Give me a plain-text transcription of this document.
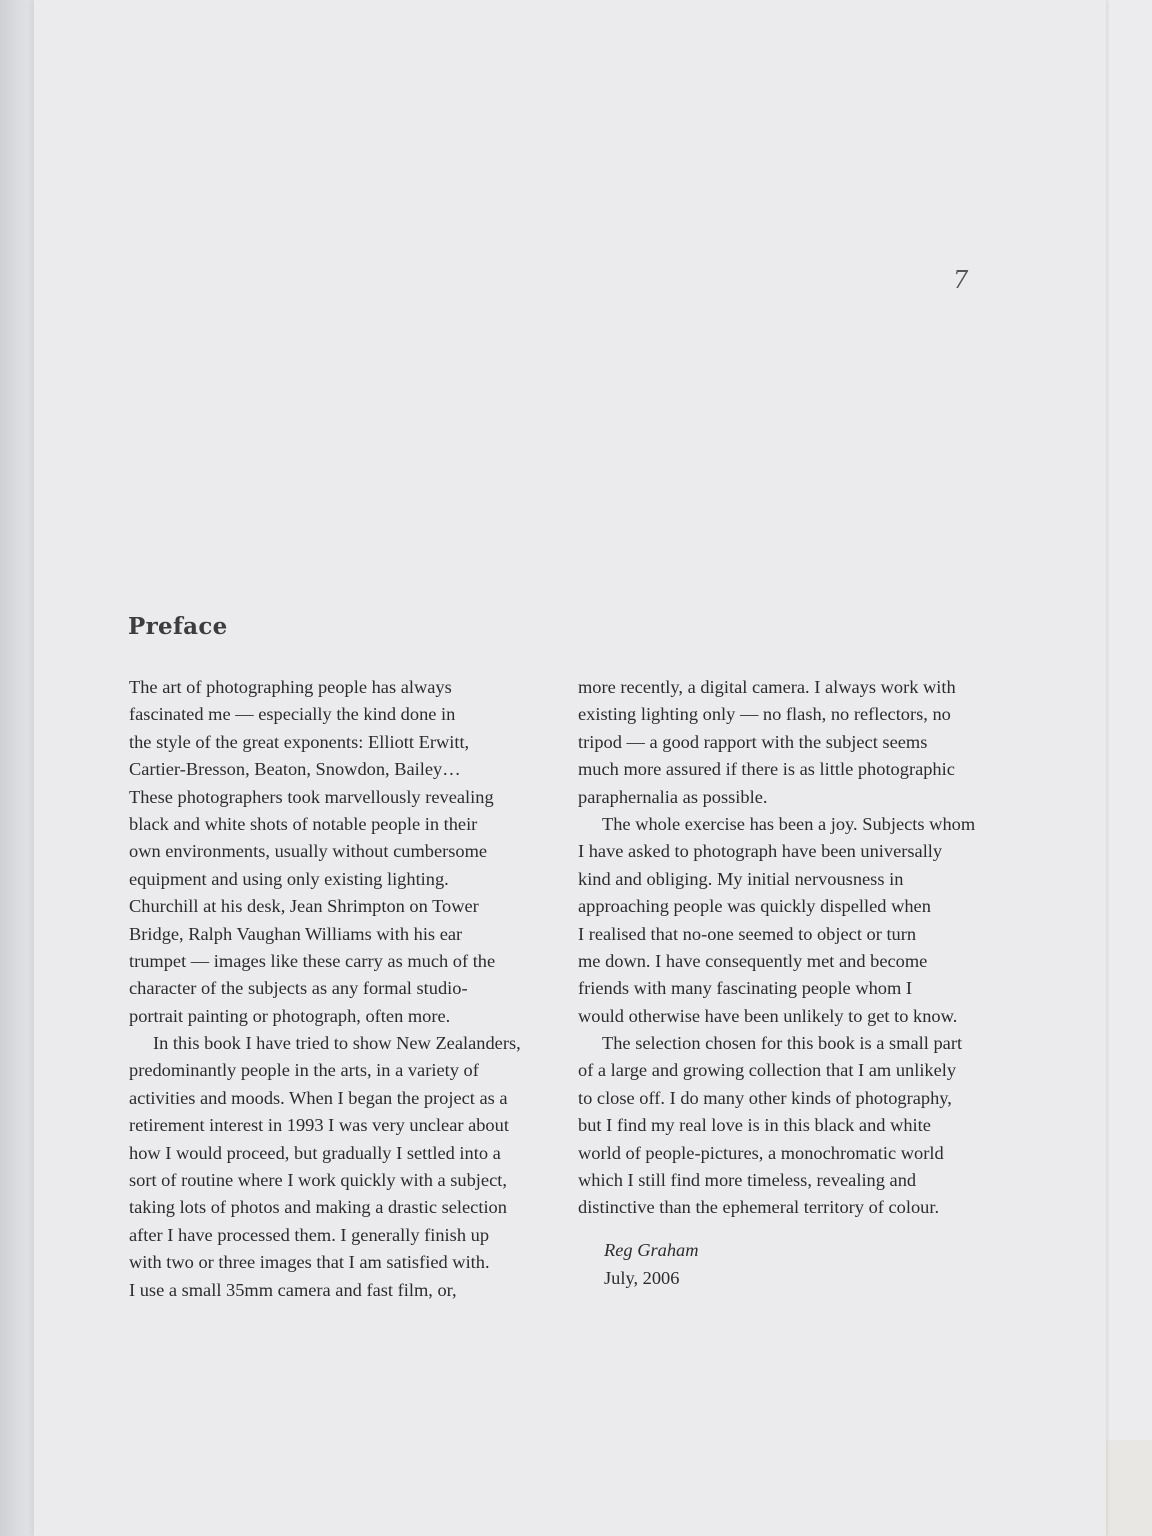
7
Preface
The art of photographing people has always
fascinated me — especially the kind done in
the style of the great exponents: Elliott Erwitt,
Cartier-Bresson, Beaton, Snowdon, Bailey…
These photographers took marvellously revealing
black and white shots of notable people in their
own environments, usually without cumbersome
equipment and using only existing lighting.
Churchill at his desk, Jean Shrimpton on Tower
Bridge, Ralph Vaughan Williams with his ear
trumpet — images like these carry as much of the
character of the subjects as any formal studio-
portrait painting or photograph, often more.
In this book I have tried to show New Zealanders,
predominantly people in the arts, in a variety of
activities and moods. When I began the project as a
retirement interest in 1993 I was very unclear about
how I would proceed, but gradually I settled into a
sort of routine where I work quickly with a subject,
taking lots of photos and making a drastic selection
after I have processed them. I generally finish up
with two or three images that I am satisfied with.
I use a small 35mm camera and fast film, or,
more recently, a digital camera. I always work with
existing lighting only — no flash, no reflectors, no
tripod — a good rapport with the subject seems
much more assured if there is as little photographic
paraphernalia as possible.
The whole exercise has been a joy. Subjects whom
I have asked to photograph have been universally
kind and obliging. My initial nervousness in
approaching people was quickly dispelled when
I realised that no-one seemed to object or turn
me down. I have consequently met and become
friends with many fascinating people whom I
would otherwise have been unlikely to get to know.
The selection chosen for this book is a small part
of a large and growing collection that I am unlikely
to close off. I do many other kinds of photography,
but I find my real love is in this black and white
world of people-pictures, a monochromatic world
which I still find more timeless, revealing and
distinctive than the ephemeral territory of colour.
Reg Graham
July, 2006
